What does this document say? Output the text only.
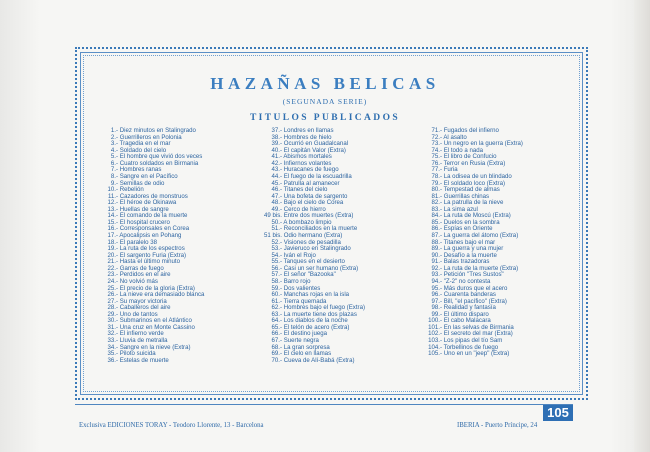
HAZAÑAS BELICAS
(SEGUNADA SERIE)
TITULOS PUBLICADOS
1.- Diez minutos en Stalingrado
2.- Guerrilleros en Polonia
3.- Tragedia en el mar
4.- Soldado del cielo
5.- El hombre que vivió dos veces
6.- Cuatro soldados en Birmania
7.- Hombres ranas
8.- Sangre en el Pacífico
9.- Semillas de odio
10.- Rebelión
11.- Cazadores de monstruos
12.- El héroe de Okinawa
13.- Huellas de sangre
14.- El comando de la muerte
15.- El hospital crucero
16.- Corresponsales en Corea
17.- Apocalipsis en Pohang
18.- El paralelo 38
19.- La ruta de los espectros
20.- El sargento Furia (Extra)
21.- Hasta el último minuto
22.- Garras de fuego
23.- Perdidos en el aire
24.- No volvió más
25.- El precio de la gloria (Extra)
26.- La nieve era demasiado blanca
27.- Su mayor victoria
28.- Caballeros del aire
29.- Uno de tantos
30.- Submarinos en el Atlántico
31.- Una cruz en Monte Cassino
32.- El infierno verde
33.- Lluvia de metralla
34.- Sangre en la nieve (Extra)
35.- Piloto suicida
36.- Estelas de muerte
37.- Londres en llamas
38.- Hombres de hielo
39.- Ocurrió en Guadalcanal
40.- El capitán Valor (Extra)
41.- Abismos mortales
42.- Infiernos volantes
43.- Huracanes de fuego
44.- El fuego de la escuadrilla
45.- Patrulla al amanecer
46.- Titanes del cielo
47.- Una bofeta de sargento
48.- Bajo el cielo de Corea
49.- Cerco de hierro
49 bis. Entre dos muertes (Extra)
50.- A bombazo limpio
51.- Reconciliados en la muerte
51 bis. Odio hermano (Extra)
52.- Visiones de pesadilla
53.- Javieruco en Stalingrado
54.- Iván el Rojo
55.- Tanques en el desierto
56.- Casi un ser humano (Extra)
57.- El señor "Bazooka"
58.- Barro rojo
59.- Dos valientes
60.- Manchas rojas en la isla
61.- Tierra quemada
62.- Hombres bajo el fuego (Extra)
63.- La muerte tiene dos plazas
64.- Los diablos de la noche
65.- El telón de acero (Extra)
66.- El destino juega
67.- Suerte negra
68.- La gran sorpresa
69.- El cielo en llamas
70.- Cueva de Alí-Babá (Extra)
71.- Fugados del infierno
72.- Al asalto
73.- Un negro en la guerra (Extra)
74.- El todo a nada
75.- El libro de Confucio
76.- Terror en Rusia (Extra)
77.- Furia
78.- La odisea de un blindado
79.- El soldado loco (Extra)
80.- Tempestad de almas
81.- Guerrillas chinas
82.- La patrulla de la nieve
83.- La sima azul
84.- La ruta de Moscú (Extra)
85.- Duelos en la sombra
86.- Espías en Oriente
87.- La guerra del átomo (Extra)
88.- Titanes bajo el mar
89.- La guerra y una mujer
90.- Desafío a la muerte
91.- Balas trazadoras
92.- La ruta de la muerte (Extra)
93.- Petición "Tres Sustos"
94.- "Z-2" no contesta
95.- Más duros que el acero
96.- Cuarenta banderas
97.- Bill, "el pacífico" (Extra)
98.- Realidad y fantasía
99.- El último disparo
100.- El cabo Malacara
101.- En las selvas de Birmania
102.- El secreto del mar (Extra)
103.- Los pipas del tío Sam
104.- Torbellinos de fuego
105.- Uno en un "jeep" (Extra)
105
Exclusiva EDICIONES TORAY - Teodoro Llorente, 13 - Barcelona	IBERIA - Puerto Príncipe, 24
